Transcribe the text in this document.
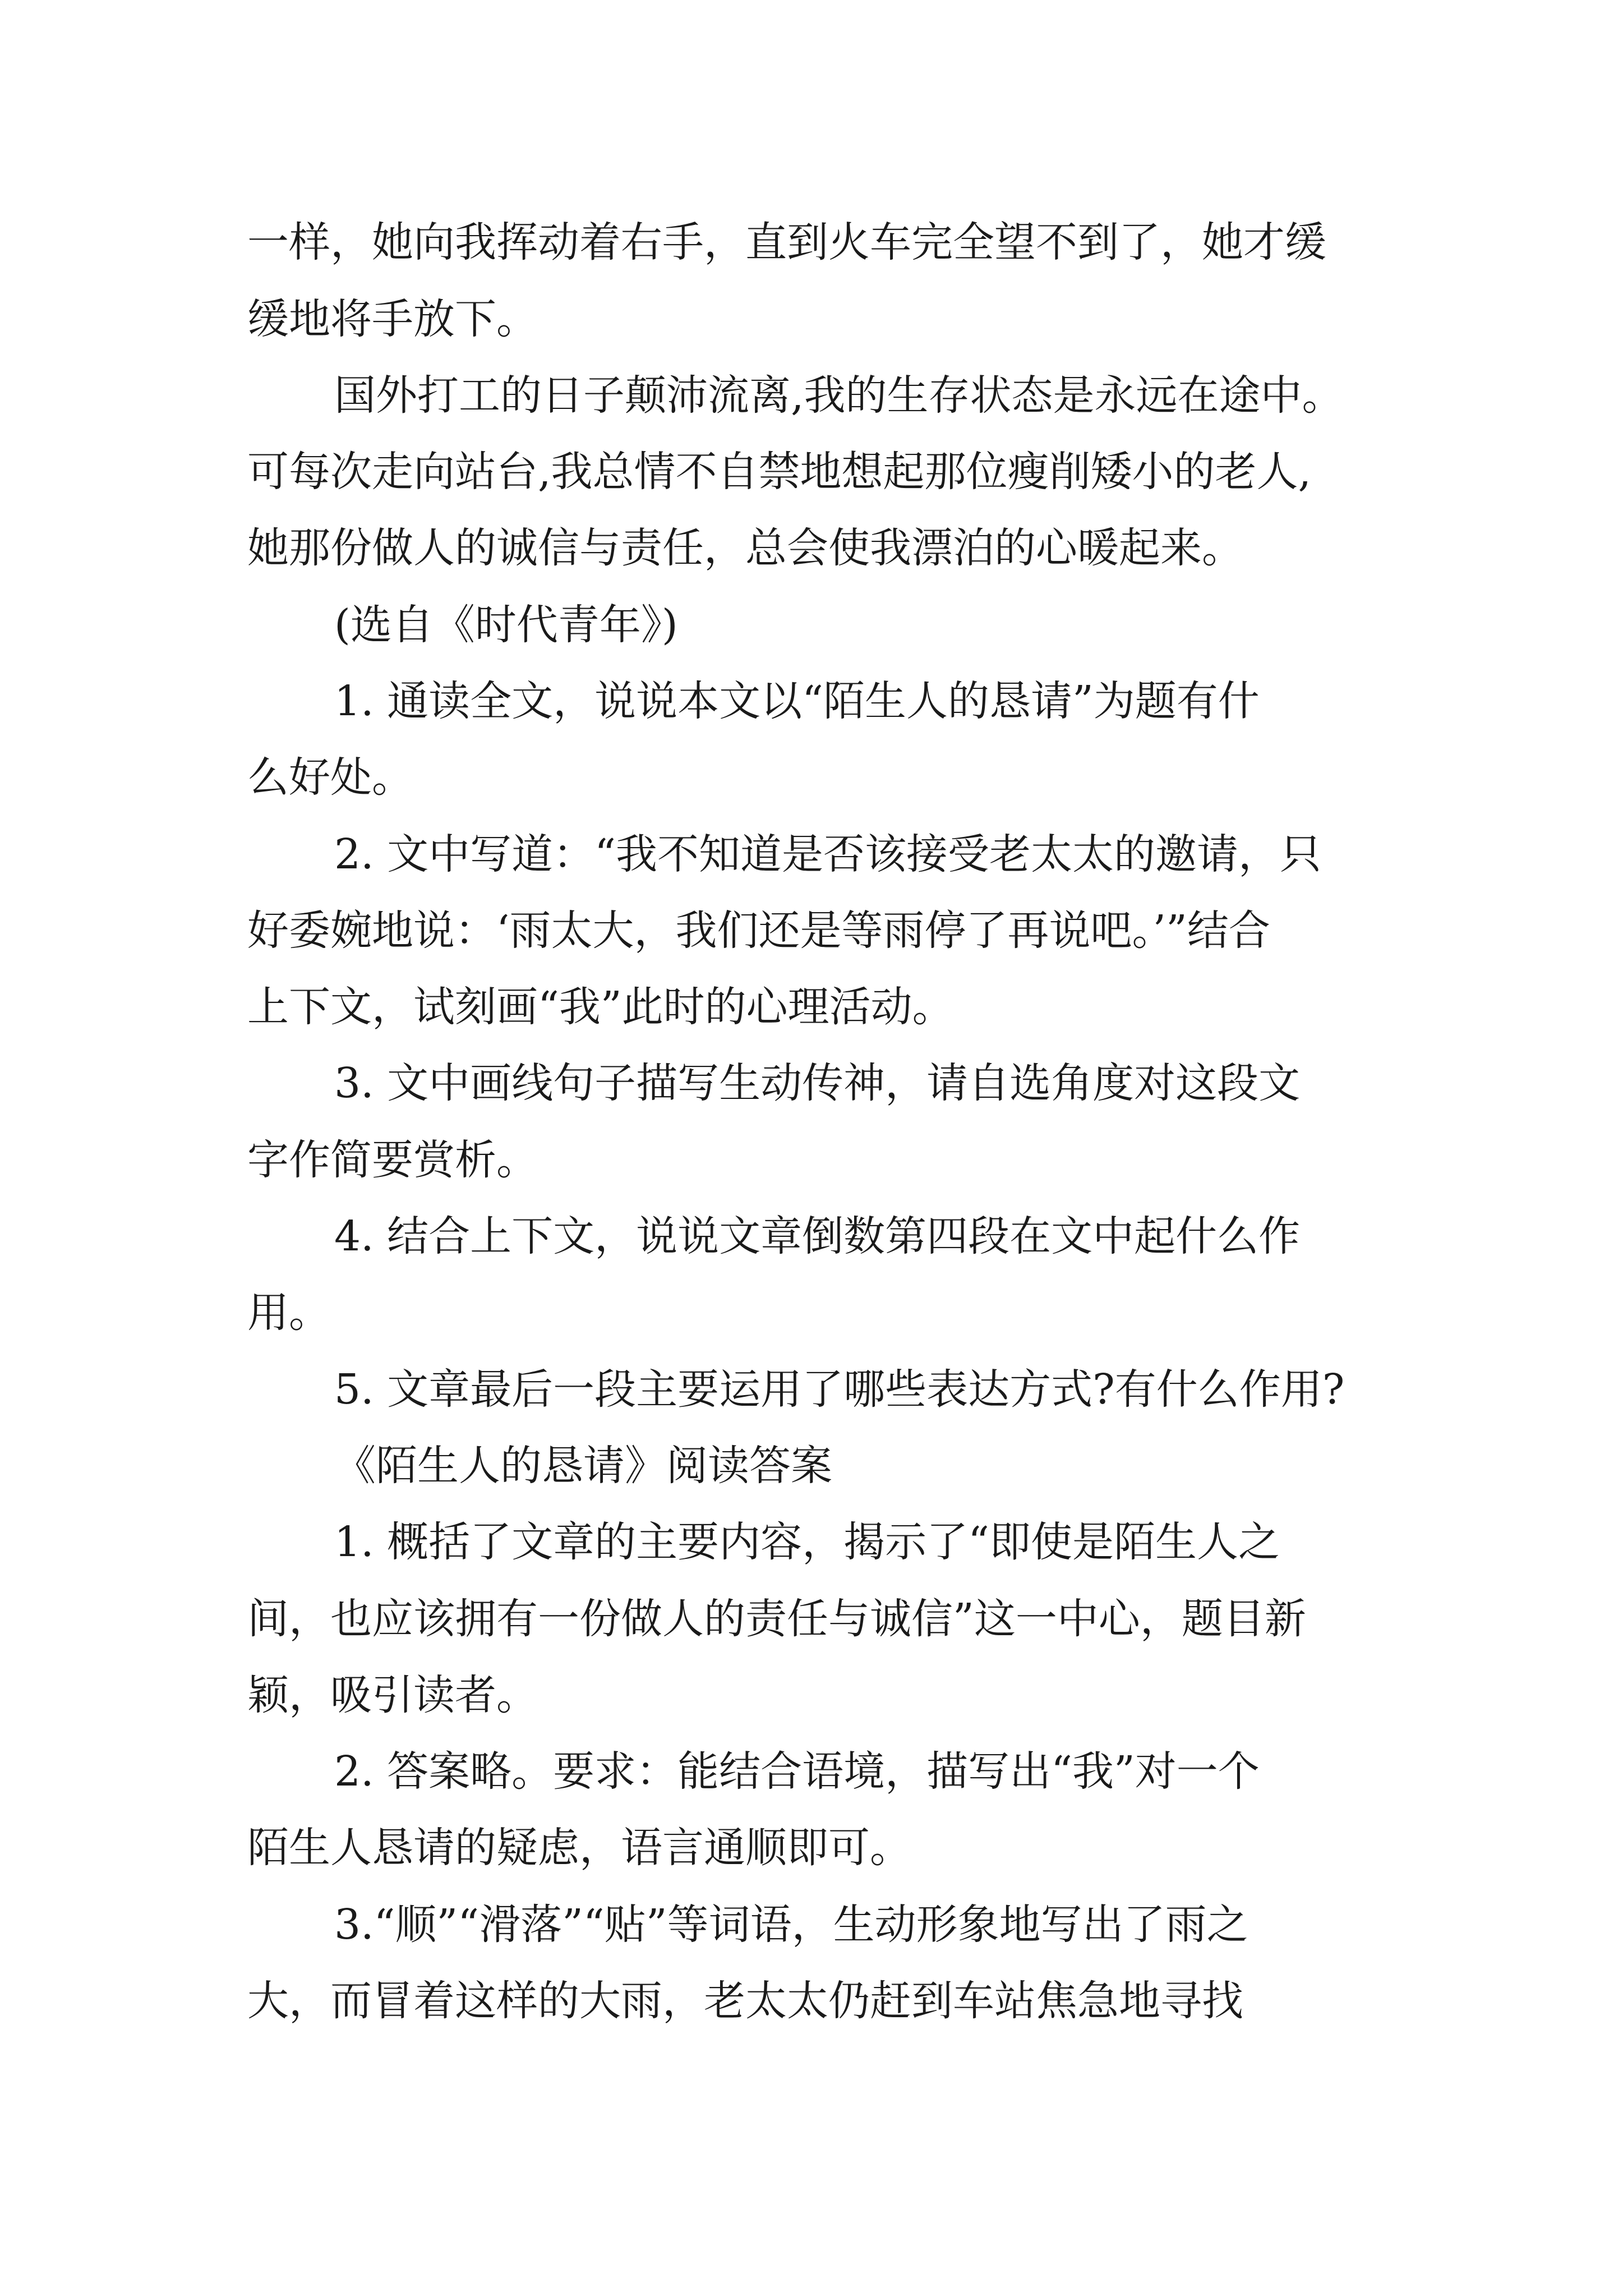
一样，她向我挥动着右手，直到火车完全望不到了，她才缓
缓地将手放下。
国外打工的日子颠沛流离,我的生存状态是永远在途中。
可每次走向站台,我总情不自禁地想起那位瘦削矮小的老人,
她那份做人的诚信与责任，总会使我漂泊的心暖起来。
(选自《时代青年》)
1. 通读全文，说说本文以“陌生人的恳请”为题有什
么好处。
2. 文中写道：“我不知道是否该接受老太太的邀请，只
好委婉地说：‘雨太大，我们还是等雨停了再说吧。’”结合
上下文，试刻画“我”此时的心理活动。
3. 文中画线句子描写生动传神，请自选角度对这段文
字作简要赏析。
4. 结合上下文，说说文章倒数第四段在文中起什么作
用。
5. 文章最后一段主要运用了哪些表达方式?有什么作用?
《陌生人的恳请》阅读答案
1. 概括了文章的主要内容，揭示了“即使是陌生人之
间，也应该拥有一份做人的责任与诚信”这一中心，题目新
颖，吸引读者。
2. 答案略。要求：能结合语境，描写出“我”对一个
陌生人恳请的疑虑，语言通顺即可。
3.“顺”“滑落”“贴”等词语，生动形象地写出了雨之
大，而冒着这样的大雨，老太太仍赶到车站焦急地寻找
